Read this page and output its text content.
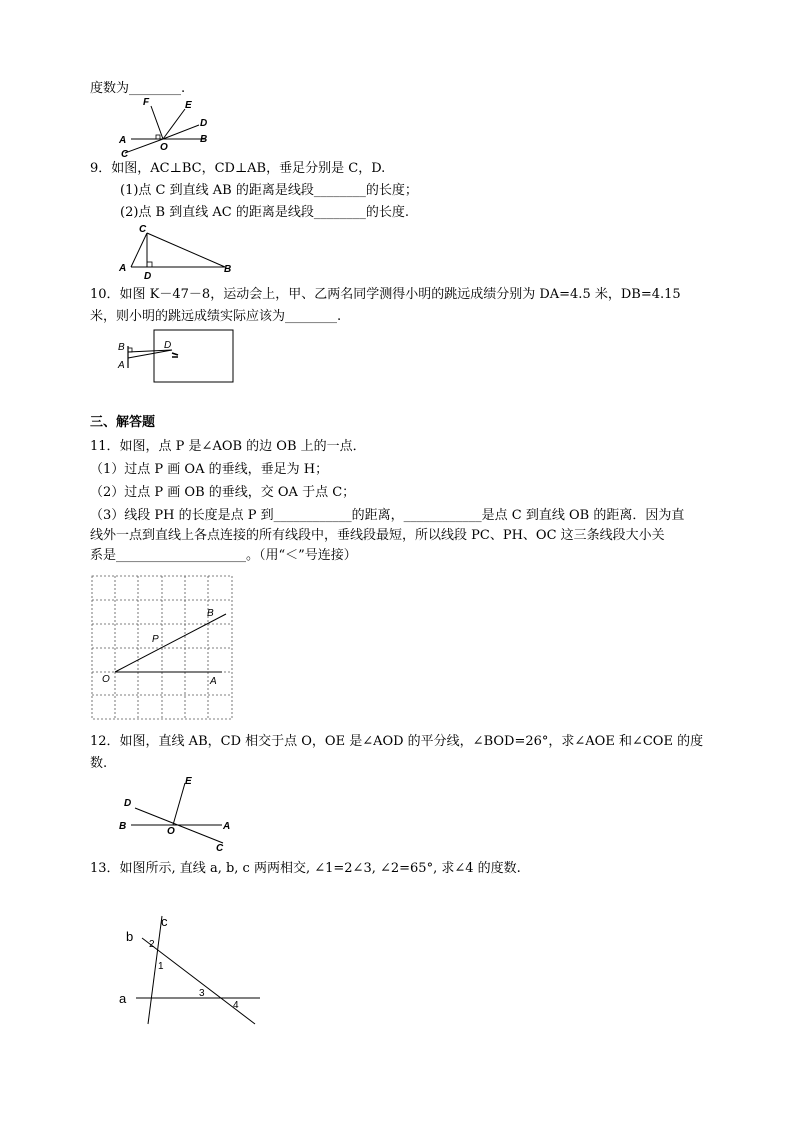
度数为________.
F	E
D
A
O
B
C
9．如图，AC⊥BC，CD⊥AB，垂足分别是 C，D.
(1)点 C 到直线 AB 的距离是线段________的长度；
(2)点 B 到直线 AC 的距离是线段________的长度.
C
A
D
B
10．如图 K－47－8，运动会上，甲、乙两名同学测得小明的跳远成绩分别为 DA=4.5 米，DB=4.15
米，则小明的跳远成绩实际应该为________.
B	D
A
三、解答题
11．如图，点 P 是∠AOB 的边 OB 上的一点．
（1）过点 P 画 OA 的垂线，垂足为 H；
（2）过点 P 画 OB 的垂线，交 OA 于点 C；
（3）线段 PH 的长度是点 P 到____________的距离，____________是点 C 到直线 OB 的距离．因为直
线外一点到直线上各点连接的所有线段中，垂线段最短，所以线段 PC、PH、OC 这三条线段大小关
系是____________________。（用“＜”号连接）
B
P
O	A
12．如图，直线 AB，CD 相交于点 O，OE 是∠AOD 的平分线，∠BOD=26°，求∠AOE 和∠COE 的度
数.
E
D
B	O	A
C
13．如图所示, 直线 a, b, c 两两相交, ∠1=2∠3, ∠2=65°, 求∠4 的度数.
c
b
2
1
a	3
4
